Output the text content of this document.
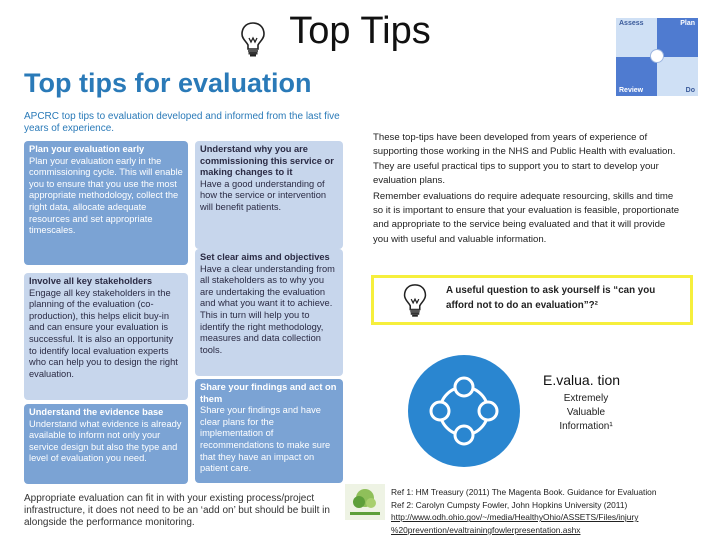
Top Tips	Assess	Plan
Review	Do
Top tips for evaluation
APCRC top tips to evaluation developed and informed from the last five years of experience.
Plan your evaluation early
Plan your evaluation early in the commissioning cycle. This will enable you to ensure that you use the most appropriate methodology, collect the right data, allocate adequate resources and set appropriate timescales.
Understand why you are commissioning this service or making changes to it
Have a good understanding of how the service or intervention will benefit patients.
Set clear aims and objectives
Have a clear understanding from all stakeholders as to why you are undertaking the evaluation and what you want it to achieve. This in turn will help you to identify the right methodology, measures and data collection tools.
Involve all key stakeholders
Engage all key stakeholders in the planning of the evaluation (co-production), this helps elicit buy-in and can ensure your evaluation is successful. It is also an opportunity to identify local evaluation experts who can help you to design the right evaluation.
Share your findings and act on them
Share your findings and have clear plans for the implementation of recommendations to make sure that they have an impact on patient care.
Understand the evidence base
Understand what evidence is already available to inform not only your service design but also the type and level of evaluation you need.
Appropriate evaluation can fit in with your existing process/project infrastructure, it does not need to be an ‘add on’ but should be built in alongside the performance monitoring.

These top-tips have been developed from years of experience of supporting those working in the NHS and Public Health with evaluation. They are useful practical tips to support you to start to develop your evaluation plans.

Remember evaluations do require adequate resourcing, skills and time so it is important to ensure that your evaluation is feasible, proportionate and appropriate to the service being evaluated and that it will provide you with useful and valuable information.

A useful question to ask yourself is “can you afford not to do an evaluation”?²
E.valua. tion
Extremely
Valuable
Information¹
Ref 1: HM Treasury (2011) The Magenta Book. Guidance for Evaluation
Ref 2: Carolyn Cumpsty Fowler, John Hopkins University (2011)
http://www.odh.ohio.gov/~/media/HealthyOhio/ASSETS/Files/injury
%20prevention/evaltrainingfowlerpresentation.ashx
